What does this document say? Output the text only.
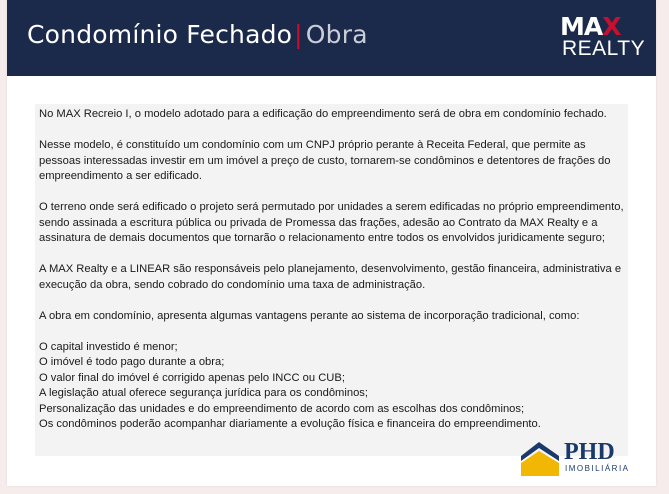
Condomínio Fechado| Obra	MAX
REALTY

No MAX Recreio I, o modelo adotado para a edificação do empreendimento será de obra em condomínio fechado.

Nesse modelo, é constituído um condomínio com um CNPJ próprio perante à Receita Federal, que permite as pessoas interessadas investir em um imóvel a preço de custo, tornarem-se condôminos e detentores de frações do empreendimento a ser edificado.

O terreno onde será edificado o projeto será permutado por unidades a serem edificadas no próprio empreendimento, sendo assinada a escritura pública ou privada de Promessa das frações, adesão ao Contrato da MAX Realty e a assinatura de demais documentos que tornarão o relacionamento entre todos os envolvidos juridicamente seguro;

A MAX Realty e a LINEAR são responsáveis pelo planejamento, desenvolvimento, gestão financeira, administrativa e execução da obra, sendo cobrado do condomínio uma taxa de administração.

A obra em condomínio, apresenta algumas vantagens perante ao sistema de incorporação tradicional, como:

O capital investido é menor;
O imóvel é todo pago durante a obra;
O valor final do imóvel é corrigido apenas pelo INCC ou CUB;
A legislação atual oferece segurança jurídica para os condôminos;
Personalização das unidades e do empreendimento de acordo com as escolhas dos condôminos;
Os condôminos poderão acompanhar diariamente a evolução física e financeira do empreendimento.
PHD
IMOBILIÁRIA
